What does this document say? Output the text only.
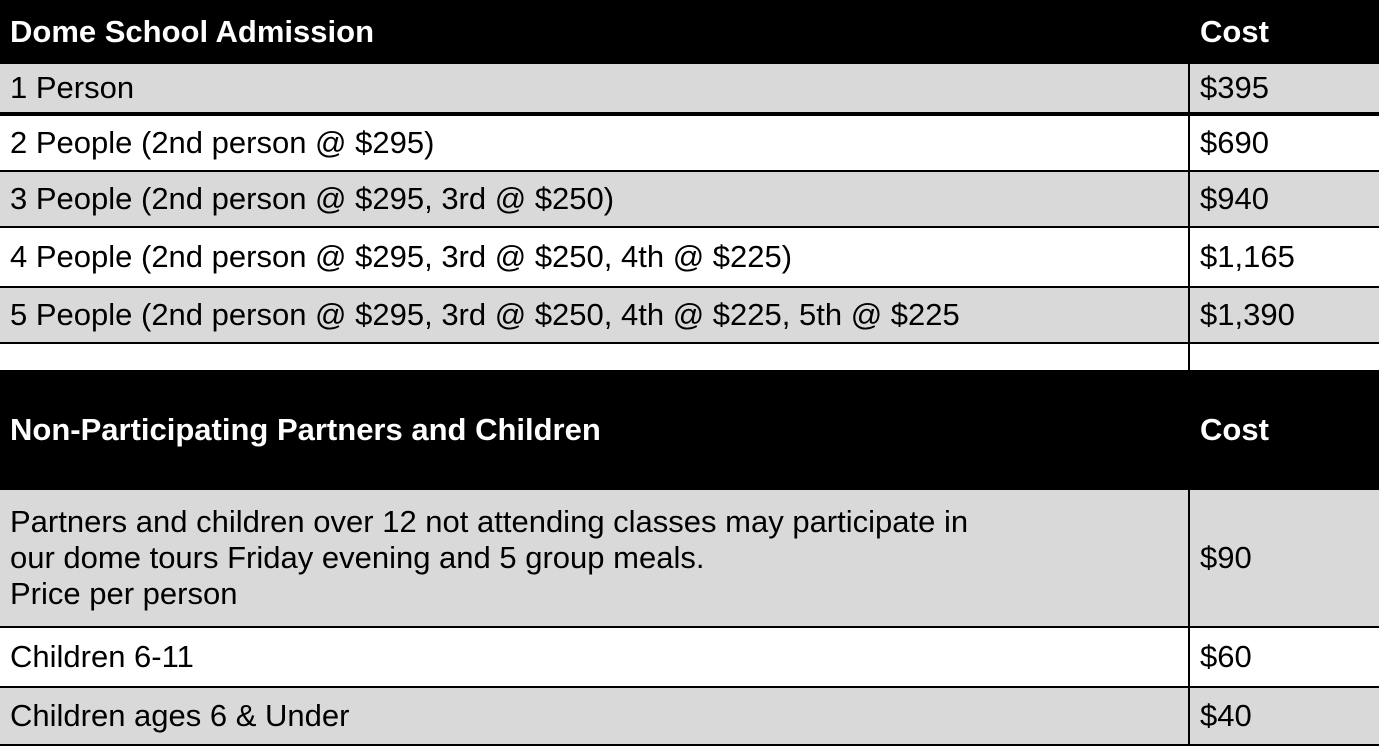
Dome School Admission	Cost
1 Person	$395
2 People (2nd person @ $295)	$690
3 People (2nd person @ $295, 3rd @ $250)	$940
4 People (2nd person @ $295, 3rd @ $250, 4th @ $225)	$1,165
5 People (2nd person @ $295, 3rd @ $250, 4th @ $225, 5th @ $225	$1,390
Non-Participating Partners and Children	Cost
Partners and children over 12 not attending classes may participate in
our dome tours Friday evening and 5 group meals.
Price per person
$90
Children 6-11	$60
Children ages 6 & Under	$40
